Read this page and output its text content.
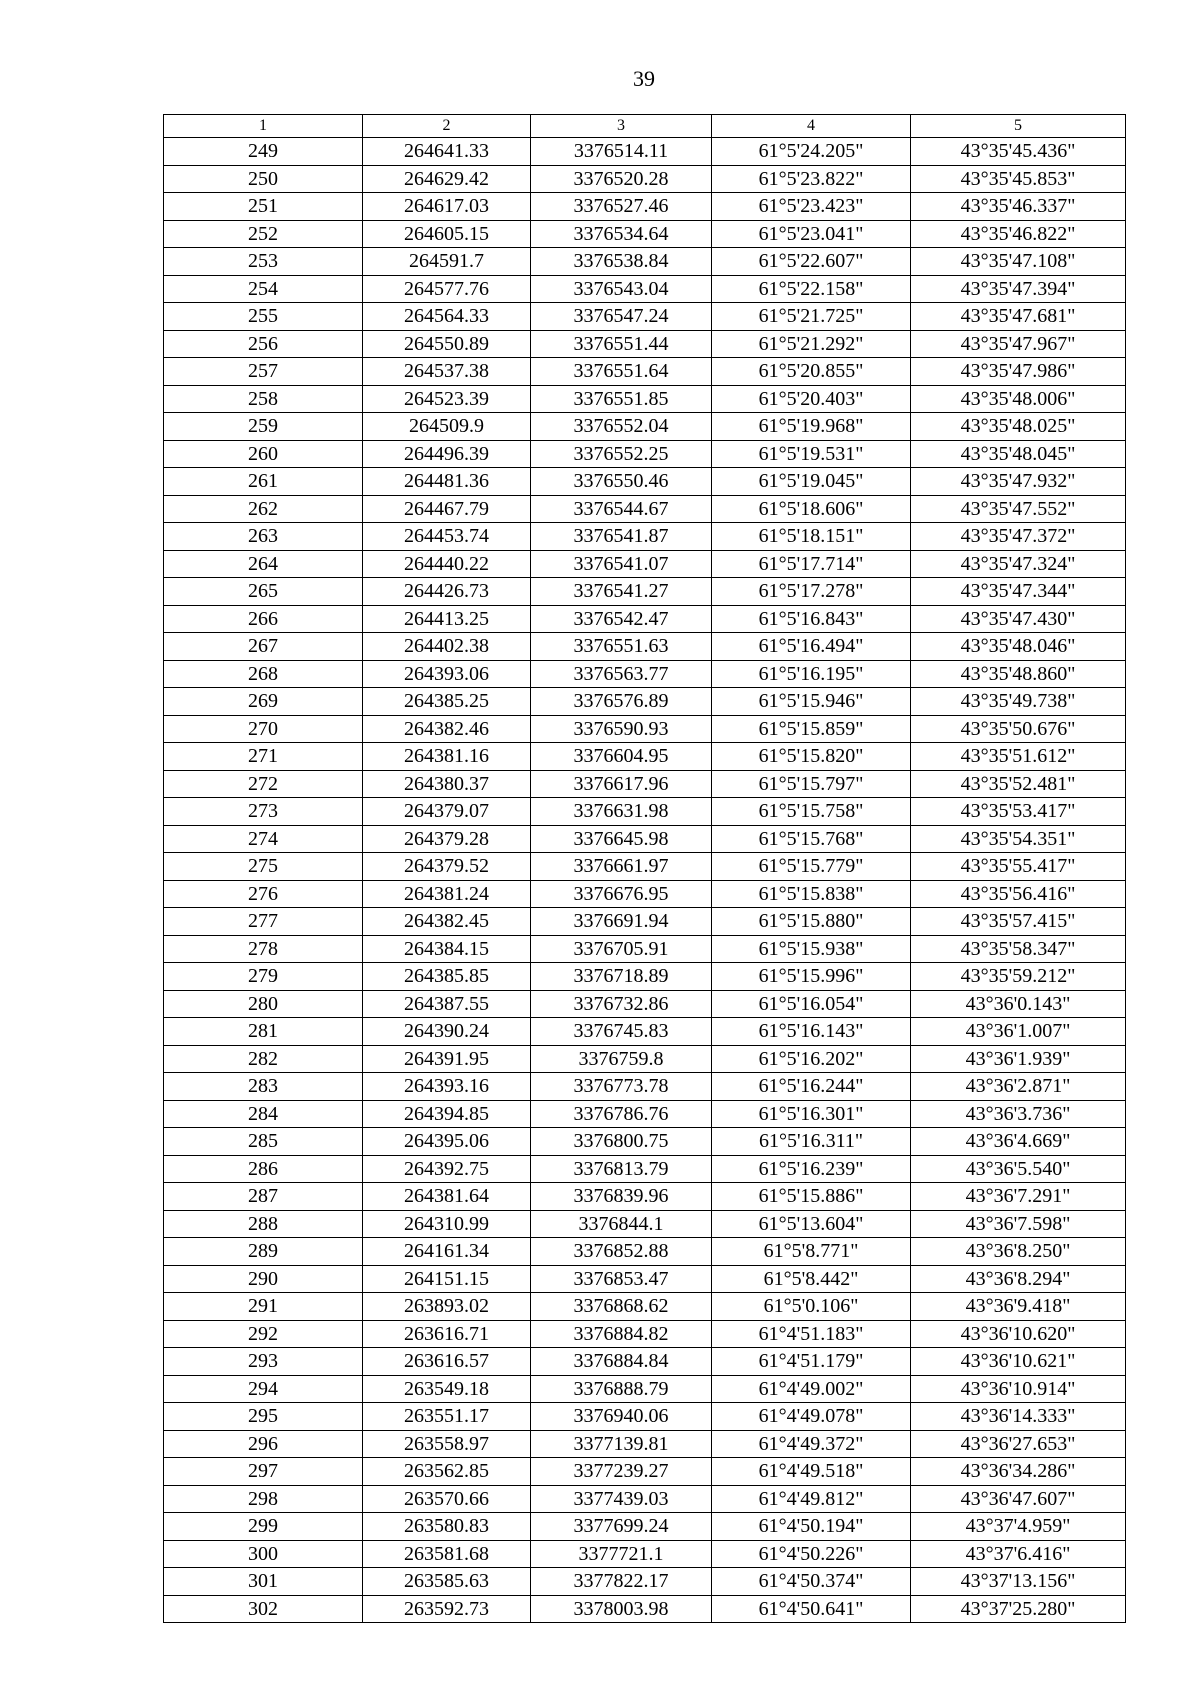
39
1	2	3	4	5
249	264641.33	3376514.11	61°5'24.205"	43°35'45.436"
250	264629.42	3376520.28	61°5'23.822"	43°35'45.853"
251	264617.03	3376527.46	61°5'23.423"	43°35'46.337"
252	264605.15	3376534.64	61°5'23.041"	43°35'46.822"
253	264591.7	3376538.84	61°5'22.607"	43°35'47.108"
254	264577.76	3376543.04	61°5'22.158"	43°35'47.394"
255	264564.33	3376547.24	61°5'21.725"	43°35'47.681"
256	264550.89	3376551.44	61°5'21.292"	43°35'47.967"
257	264537.38	3376551.64	61°5'20.855"	43°35'47.986"
258	264523.39	3376551.85	61°5'20.403"	43°35'48.006"
259	264509.9	3376552.04	61°5'19.968"	43°35'48.025"
260	264496.39	3376552.25	61°5'19.531"	43°35'48.045"
261	264481.36	3376550.46	61°5'19.045"	43°35'47.932"
262	264467.79	3376544.67	61°5'18.606"	43°35'47.552"
263	264453.74	3376541.87	61°5'18.151"	43°35'47.372"
264	264440.22	3376541.07	61°5'17.714"	43°35'47.324"
265	264426.73	3376541.27	61°5'17.278"	43°35'47.344"
266	264413.25	3376542.47	61°5'16.843"	43°35'47.430"
267	264402.38	3376551.63	61°5'16.494"	43°35'48.046"
268	264393.06	3376563.77	61°5'16.195"	43°35'48.860"
269	264385.25	3376576.89	61°5'15.946"	43°35'49.738"
270	264382.46	3376590.93	61°5'15.859"	43°35'50.676"
271	264381.16	3376604.95	61°5'15.820"	43°35'51.612"
272	264380.37	3376617.96	61°5'15.797"	43°35'52.481"
273	264379.07	3376631.98	61°5'15.758"	43°35'53.417"
274	264379.28	3376645.98	61°5'15.768"	43°35'54.351"
275	264379.52	3376661.97	61°5'15.779"	43°35'55.417"
276	264381.24	3376676.95	61°5'15.838"	43°35'56.416"
277	264382.45	3376691.94	61°5'15.880"	43°35'57.415"
278	264384.15	3376705.91	61°5'15.938"	43°35'58.347"
279	264385.85	3376718.89	61°5'15.996"	43°35'59.212"
280	264387.55	3376732.86	61°5'16.054"	43°36'0.143"
281	264390.24	3376745.83	61°5'16.143"	43°36'1.007"
282	264391.95	3376759.8	61°5'16.202"	43°36'1.939"
283	264393.16	3376773.78	61°5'16.244"	43°36'2.871"
284	264394.85	3376786.76	61°5'16.301"	43°36'3.736"
285	264395.06	3376800.75	61°5'16.311"	43°36'4.669"
286	264392.75	3376813.79	61°5'16.239"	43°36'5.540"
287	264381.64	3376839.96	61°5'15.886"	43°36'7.291"
288	264310.99	3376844.1	61°5'13.604"	43°36'7.598"
289	264161.34	3376852.88	61°5'8.771"	43°36'8.250"
290	264151.15	3376853.47	61°5'8.442"	43°36'8.294"
291	263893.02	3376868.62	61°5'0.106"	43°36'9.418"
292	263616.71	3376884.82	61°4'51.183"	43°36'10.620"
293	263616.57	3376884.84	61°4'51.179"	43°36'10.621"
294	263549.18	3376888.79	61°4'49.002"	43°36'10.914"
295	263551.17	3376940.06	61°4'49.078"	43°36'14.333"
296	263558.97	3377139.81	61°4'49.372"	43°36'27.653"
297	263562.85	3377239.27	61°4'49.518"	43°36'34.286"
298	263570.66	3377439.03	61°4'49.812"	43°36'47.607"
299	263580.83	3377699.24	61°4'50.194"	43°37'4.959"
300	263581.68	3377721.1	61°4'50.226"	43°37'6.416"
301	263585.63	3377822.17	61°4'50.374"	43°37'13.156"
302	263592.73	3378003.98	61°4'50.641"	43°37'25.280"
